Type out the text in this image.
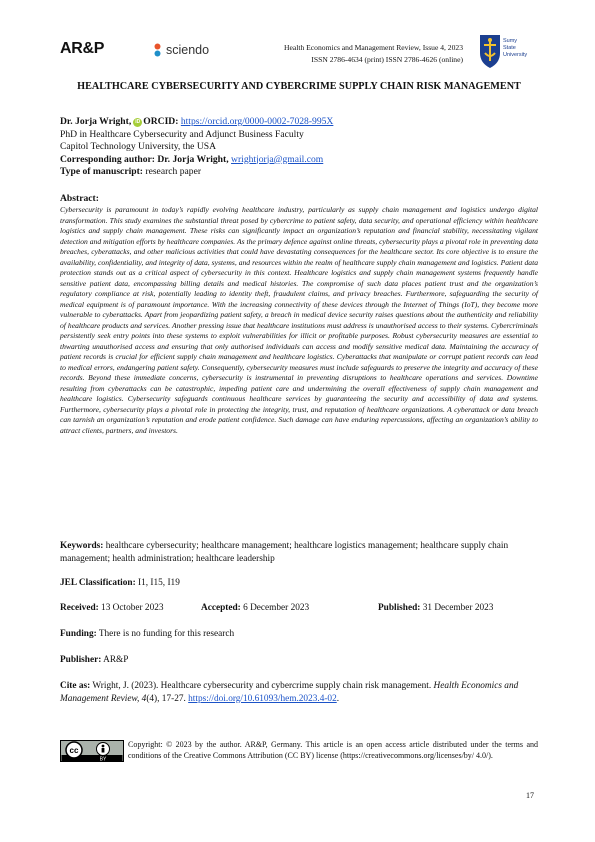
AR&P	sciendo	Health Economics and Management Review, Issue 4, 2023
ISSN 2786-4634 (print) ISSN 2786-4626 (online)
Sumy
State
University
HEALTHCARE CYBERSECURITY AND CYBERCRIME SUPPLY CHAIN RISK MANAGEMENT
Dr. Jorja Wright, iD ORCID: https://orcid.org/0000-0002-7028-995X
PhD in Healthcare Cybersecurity and Adjunct Business Faculty
Capitol Technology University, the USA
Corresponding author: Dr. Jorja Wright, wrightjorja@gmail.com
Type of manuscript: research paper
Abstract:
Cybersecurity is paramount in today’s rapidly evolving healthcare industry, particularly as supply chain management and logistics undergo digital transformation. This study examines the substantial threat posed by cybercrime to patient safety, data security, and operational efficiency within healthcare logistics and supply chain management. These risks can significantly impact an organization’s reputation and financial stability, necessitating vigilant detection and mitigation efforts by healthcare companies. As the primary defence against online threats, cybersecurity plays a pivotal role in preventing data breaches, cyberattacks, and other malicious activities that could have devastating consequences for the healthcare sector. Its core objective is to ensure the availability, confidentiality, and integrity of data, systems, and resources within the realm of healthcare supply chain management and logistics. Patient data protection stands out as a critical aspect of cybersecurity in this context. Healthcare logistics and supply chain management systems frequently handle sensitive patient data, encompassing billing details and medical histories. The compromise of such data places patient trust and the organization’s regulatory compliance at risk, potentially leading to identity theft, fraudulent claims, and privacy breaches. Furthermore, safeguarding the security of medical equipment is of paramount importance. With the increasing connectivity of these devices through the Internet of Things (IoT), they become more vulnerable to cyberattacks. Apart from jeopardizing patient safety, a breach in medical device security raises questions about the authenticity and reliability of healthcare products and services. Another pressing issue that healthcare institutions must address is unauthorised access to their systems. Cybercriminals persistently seek entry points into these systems to exploit vulnerabilities for illicit or profitable purposes. Robust cybersecurity measures are essential to thwarting unauthorised access and ensuring that only authorised individuals can access and modify sensitive medical data. Maintaining the accuracy of patient records is crucial for efficient supply chain management and healthcare logistics. Cyberattacks that manipulate or corrupt patient records can lead to medical errors, endangering patient safety. Consequently, cybersecurity measures must include safeguards to preserve the integrity and accuracy of these records. Beyond these immediate concerns, cybersecurity is instrumental in preventing disruptions to healthcare operations and services. Downtime resulting from cyberattacks can be catastrophic, impeding patient care and undermining the overall effectiveness of supply chain management and healthcare logistics. Cybersecurity safeguards continuous healthcare services by guaranteeing the security and accessibility of data and systems. Furthermore, cybersecurity plays a pivotal role in protecting the integrity, trust, and reputation of healthcare organizations. A cyberattack or data breach can tarnish an organization’s reputation and erode patient confidence. Such damage can have enduring repercussions, affecting an organization’s ability to attract clients, partners, and investors.
Keywords: healthcare cybersecurity; healthcare management; healthcare logistics management; healthcare supply chain management; health administration; healthcare leadership
JEL Classification: I1, I15, I19
Received: 13 October 2023	Accepted: 6 December 2023	Published: 31 December 2023
Funding: There is no funding for this research
Publisher: AR&P
Cite as: Wright, J. (2023). Healthcare cybersecurity and cybercrime supply chain risk management. Health Economics and Management Review, 4(4), 17-27. https://doi.org/10.61093/hem.2023.4-02.
cc
BY
Copyright: © 2023 by the author. AR&P, Germany. This article is an open access article distributed under the terms and conditions of the Creative Commons Attribution (CC BY) license (https://creativecommons.org/licenses/by/ 4.0/).
17
